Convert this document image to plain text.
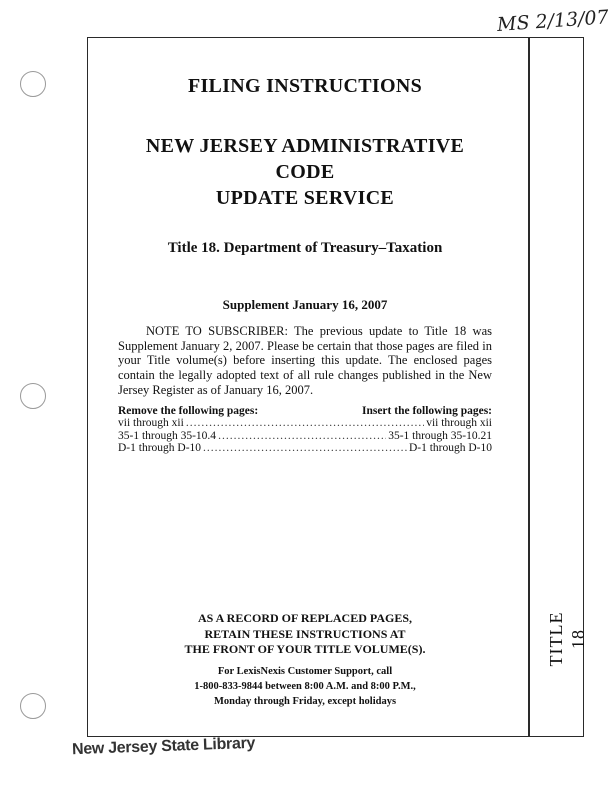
MS 2/13/07
TITLE 18
FILING INSTRUCTIONS
NEW JERSEY ADMINISTRATIVE CODE
UPDATE SERVICE
Title 18. Department of Treasury–Taxation
Supplement January 16, 2007

NOTE TO SUBSCRIBER: The previous update to Title 18 was Supplement January 2, 2007. Please be certain that those pages are filed in your Title volume(s) before inserting this update. The enclosed pages contain the legally adopted text of all rule changes published in the New Jersey Register as of January 16, 2007.

Remove the following pages:	Insert the following pages:
vii through xii .....	vii through xii
35-1 through 35-10.4 .....	35-1 through 35-10.21
D-1 through D-10 .....	D-1 through D-10
AS A RECORD OF REPLACED PAGES,
RETAIN THESE INSTRUCTIONS AT
THE FRONT OF YOUR TITLE VOLUME(S).
For LexisNexis Customer Support, call
1-800-833-9844 between 8:00 A.M. and 8:00 P.M.,
Monday through Friday, except holidays
New Jersey State Library
